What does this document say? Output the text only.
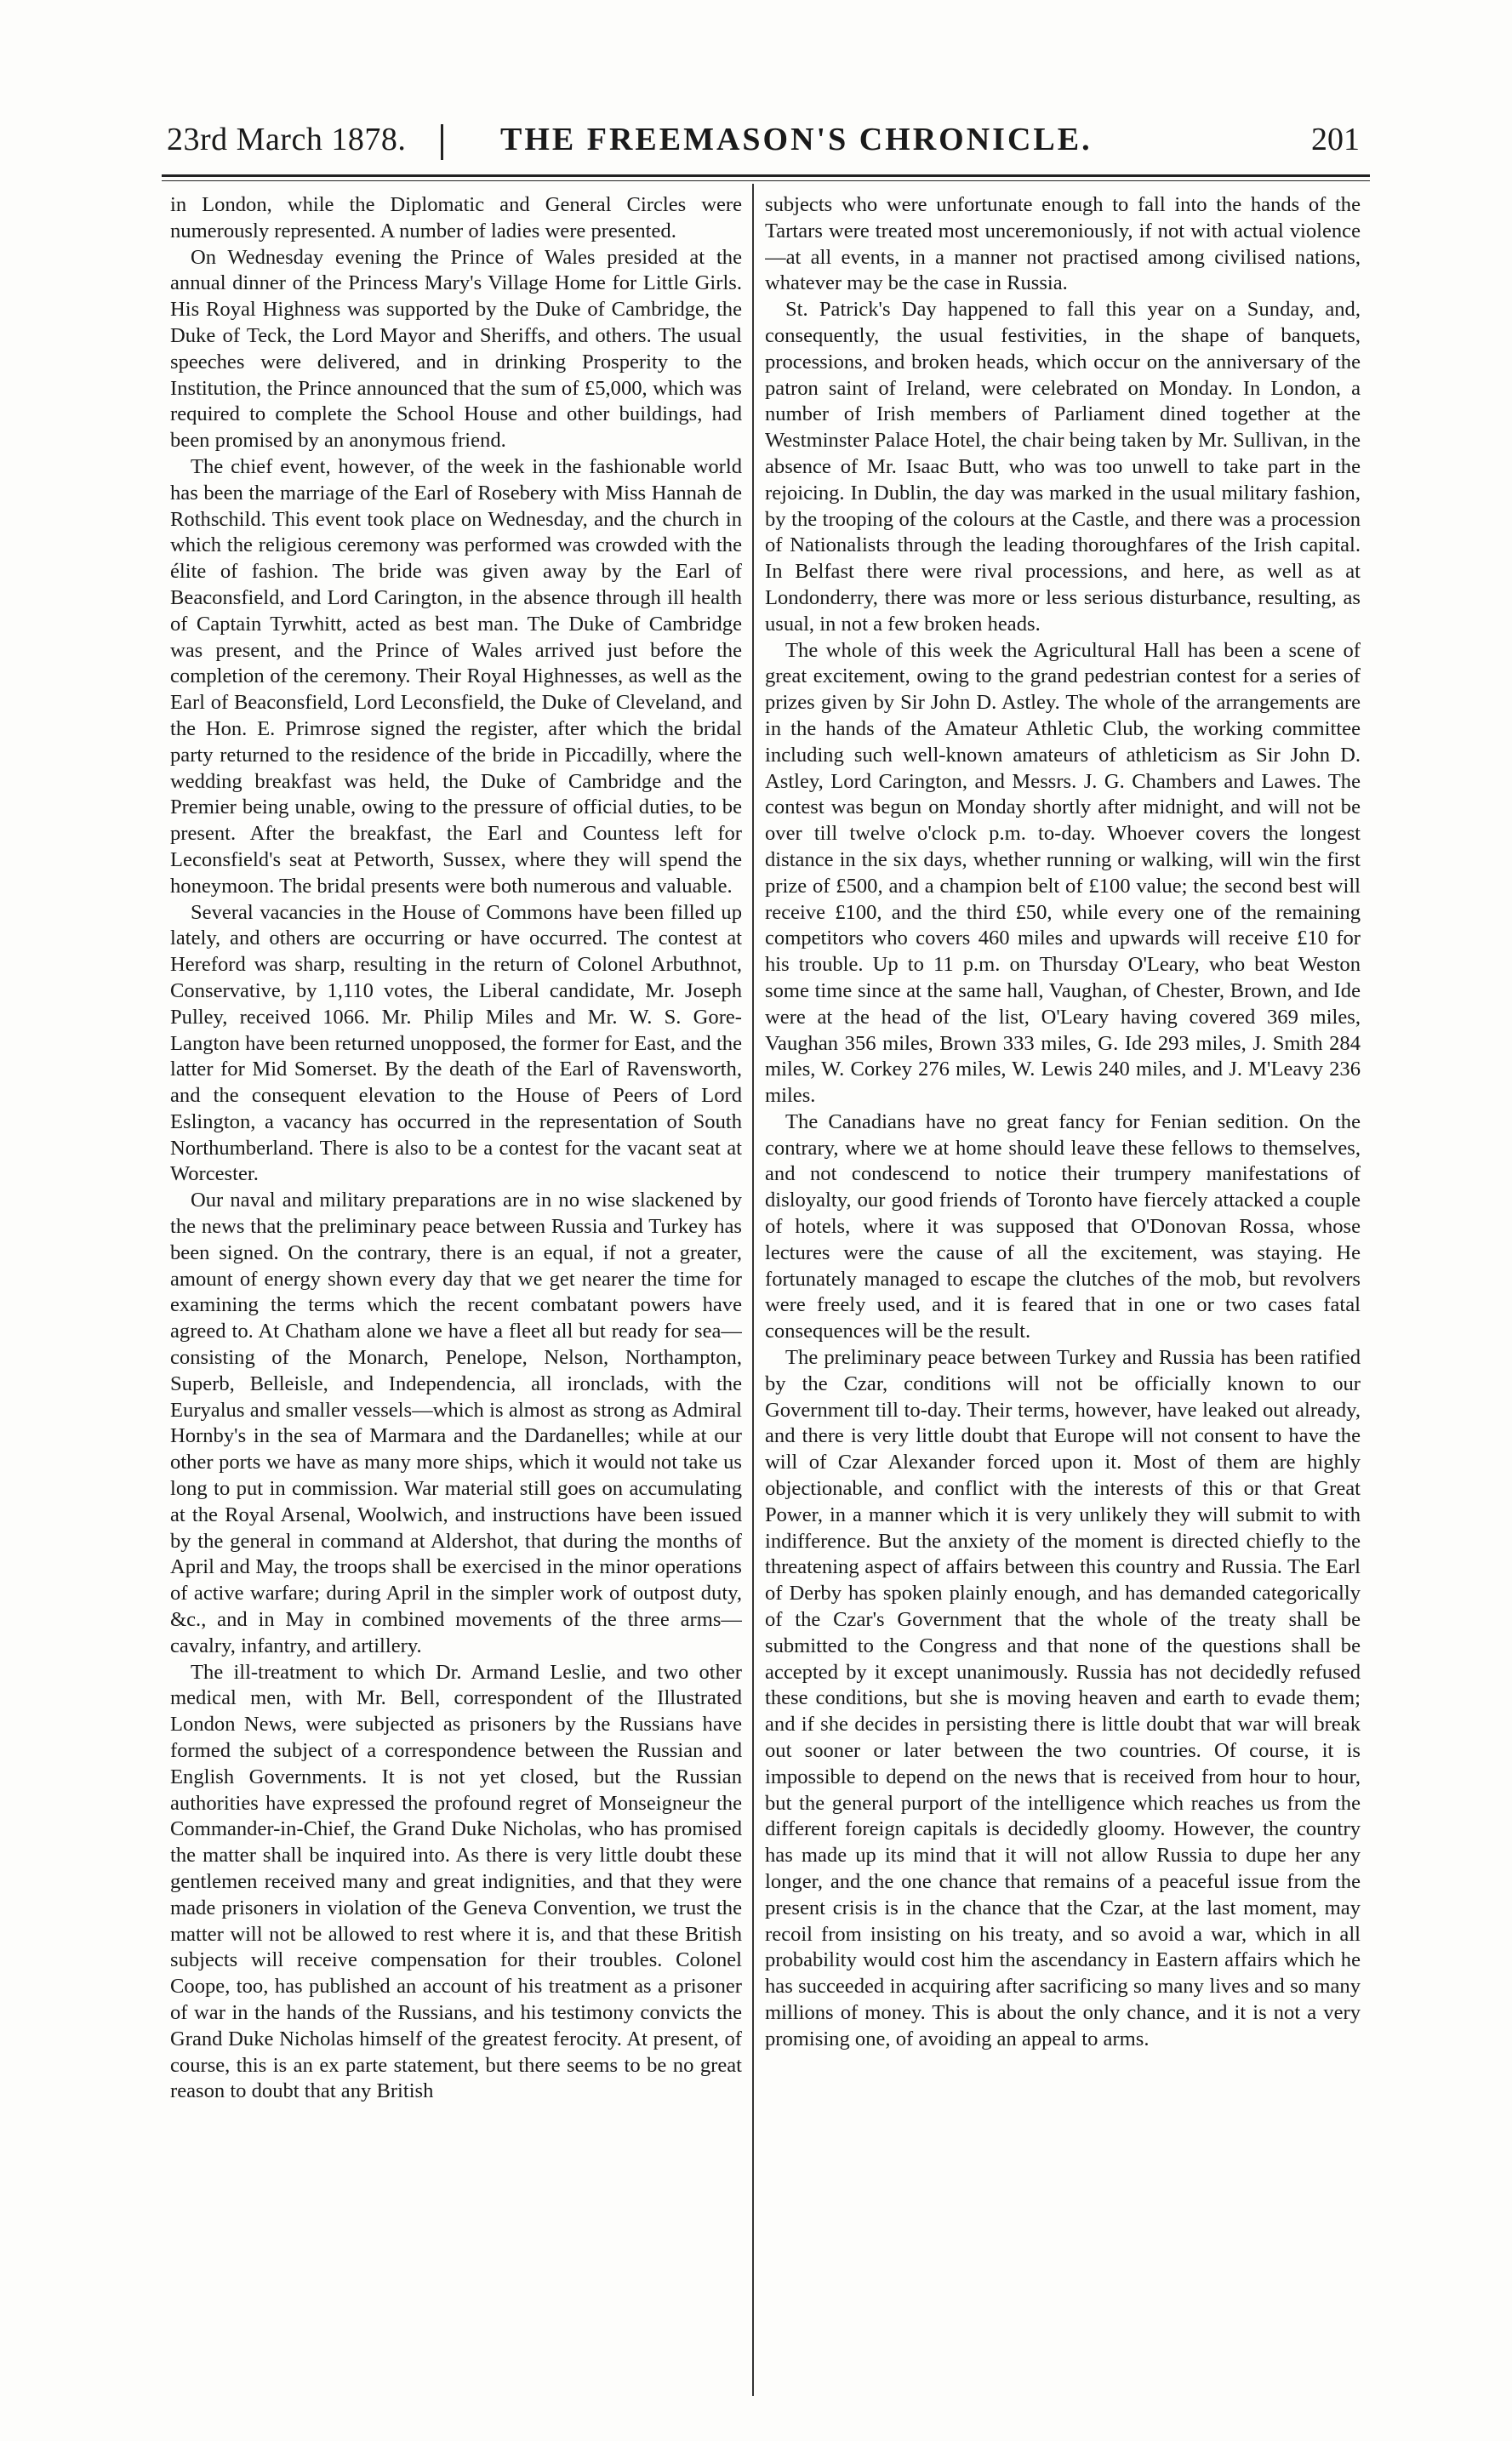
23rd March 1878.	THE FREEMASON'S CHRONICLE.	201

in London, while the Diplomatic and General Circles were numerously represented. A number of ladies were presented.

On Wednesday evening the Prince of Wales presided at the annual dinner of the Princess Mary's Village Home for Little Girls. His Royal Highness was supported by the Duke of Cambridge, the Duke of Teck, the Lord Mayor and Sheriffs, and others. The usual speeches were delivered, and in drinking Prosperity to the Institution, the Prince announced that the sum of £5,000, which was required to complete the School House and other buildings, had been promised by an anonymous friend.

The chief event, however, of the week in the fashionable world has been the marriage of the Earl of Rosebery with Miss Hannah de Rothschild. This event took place on Wednesday, and the church in which the religious ceremony was performed was crowded with the élite of fashion. The bride was given away by the Earl of Beaconsfield, and Lord Carington, in the absence through ill health of Captain Tyrwhitt, acted as best man. The Duke of Cambridge was present, and the Prince of Wales arrived just before the completion of the ceremony. Their Royal Highnesses, as well as the Earl of Beaconsfield, Lord Leconsfield, the Duke of Cleveland, and the Hon. E. Primrose signed the register, after which the bridal party returned to the residence of the bride in Piccadilly, where the wedding breakfast was held, the Duke of Cambridge and the Premier being unable, owing to the pressure of official duties, to be present. After the breakfast, the Earl and Countess left for Leconsfield's seat at Petworth, Sussex, where they will spend the honeymoon. The bridal presents were both numerous and valuable.

Several vacancies in the House of Commons have been filled up lately, and others are occurring or have occurred. The contest at Hereford was sharp, resulting in the return of Colonel Arbuthnot, Conservative, by 1,110 votes, the Liberal candidate, Mr. Joseph Pulley, received 1066. Mr. Philip Miles and Mr. W. S. Gore-Langton have been returned unopposed, the former for East, and the latter for Mid Somerset. By the death of the Earl of Ravensworth, and the consequent elevation to the House of Peers of Lord Eslington, a vacancy has occurred in the representation of South Northumberland. There is also to be a contest for the vacant seat at Worcester.

Our naval and military preparations are in no wise slackened by the news that the preliminary peace between Russia and Turkey has been signed. On the contrary, there is an equal, if not a greater, amount of energy shown every day that we get nearer the time for examining the terms which the recent combatant powers have agreed to. At Chatham alone we have a fleet all but ready for sea—consisting of the Monarch, Penelope, Nelson, Northampton, Superb, Belleisle, and Independencia, all ironclads, with the Euryalus and smaller vessels—which is almost as strong as Admiral Hornby's in the sea of Marmara and the Dardanelles; while at our other ports we have as many more ships, which it would not take us long to put in commission. War material still goes on accumulating at the Royal Arsenal, Woolwich, and instructions have been issued by the general in command at Aldershot, that during the months of April and May, the troops shall be exercised in the minor operations of active warfare; during April in the simpler work of outpost duty, &c., and in May in combined movements of the three arms—cavalry, infantry, and artillery.

The ill-treatment to which Dr. Armand Leslie, and two other medical men, with Mr. Bell, correspondent of the Illustrated London News, were subjected as prisoners by the Russians have formed the subject of a correspondence between the Russian and English Governments. It is not yet closed, but the Russian authorities have expressed the profound regret of Monseigneur the Commander-in-Chief, the Grand Duke Nicholas, who has promised the matter shall be inquired into. As there is very little doubt these gentlemen received many and great indignities, and that they were made prisoners in violation of the Geneva Convention, we trust the matter will not be allowed to rest where it is, and that these British subjects will receive compensation for their troubles. Colonel Coope, too, has published an account of his treatment as a prisoner of war in the hands of the Russians, and his testimony convicts the Grand Duke Nicholas himself of the greatest ferocity. At present, of course, this is an ex parte statement, but there seems to be no great reason to doubt that any British

subjects who were unfortunate enough to fall into the hands of the Tartars were treated most unceremoniously, if not with actual violence—at all events, in a manner not practised among civilised nations, whatever may be the case in Russia.

St. Patrick's Day happened to fall this year on a Sunday, and, consequently, the usual festivities, in the shape of banquets, processions, and broken heads, which occur on the anniversary of the patron saint of Ireland, were celebrated on Monday. In London, a number of Irish members of Parliament dined together at the Westminster Palace Hotel, the chair being taken by Mr. Sullivan, in the absence of Mr. Isaac Butt, who was too unwell to take part in the rejoicing. In Dublin, the day was marked in the usual military fashion, by the trooping of the colours at the Castle, and there was a procession of Nationalists through the leading thoroughfares of the Irish capital. In Belfast there were rival processions, and here, as well as at Londonderry, there was more or less serious disturbance, resulting, as usual, in not a few broken heads.

The whole of this week the Agricultural Hall has been a scene of great excitement, owing to the grand pedestrian contest for a series of prizes given by Sir John D. Astley. The whole of the arrangements are in the hands of the Amateur Athletic Club, the working committee including such well-known amateurs of athleticism as Sir John D. Astley, Lord Carington, and Messrs. J. G. Chambers and Lawes. The contest was begun on Monday shortly after midnight, and will not be over till twelve o'clock p.m. to-day. Whoever covers the longest distance in the six days, whether running or walking, will win the first prize of £500, and a champion belt of £100 value; the second best will receive £100, and the third £50, while every one of the remaining competitors who covers 460 miles and upwards will receive £10 for his trouble. Up to 11 p.m. on Thursday O'Leary, who beat Weston some time since at the same hall, Vaughan, of Chester, Brown, and Ide were at the head of the list, O'Leary having covered 369 miles, Vaughan 356 miles, Brown 333 miles, G. Ide 293 miles, J. Smith 284 miles, W. Corkey 276 miles, W. Lewis 240 miles, and J. M'Leavy 236 miles.

The Canadians have no great fancy for Fenian sedition. On the contrary, where we at home should leave these fellows to themselves, and not condescend to notice their trumpery manifestations of disloyalty, our good friends of Toronto have fiercely attacked a couple of hotels, where it was supposed that O'Donovan Rossa, whose lectures were the cause of all the excitement, was staying. He fortunately managed to escape the clutches of the mob, but revolvers were freely used, and it is feared that in one or two cases fatal consequences will be the result.

The preliminary peace between Turkey and Russia has been ratified by the Czar, conditions will not be officially known to our Government till to-day. Their terms, however, have leaked out already, and there is very little doubt that Europe will not consent to have the will of Czar Alexander forced upon it. Most of them are highly objectionable, and conflict with the interests of this or that Great Power, in a manner which it is very unlikely they will submit to with indifference. But the anxiety of the moment is directed chiefly to the threatening aspect of affairs between this country and Russia. The Earl of Derby has spoken plainly enough, and has demanded categorically of the Czar's Government that the whole of the treaty shall be submitted to the Congress and that none of the questions shall be accepted by it except unanimously. Russia has not decidedly refused these conditions, but she is moving heaven and earth to evade them; and if she decides in persisting there is little doubt that war will break out sooner or later between the two countries. Of course, it is impossible to depend on the news that is received from hour to hour, but the general purport of the intelligence which reaches us from the different foreign capitals is decidedly gloomy. However, the country has made up its mind that it will not allow Russia to dupe her any longer, and the one chance that remains of a peaceful issue from the present crisis is in the chance that the Czar, at the last moment, may recoil from insisting on his treaty, and so avoid a war, which in all probability would cost him the ascendancy in Eastern affairs which he has succeeded in acquiring after sacrificing so many lives and so many millions of money. This is about the only chance, and it is not a very promising one, of avoiding an appeal to arms.
